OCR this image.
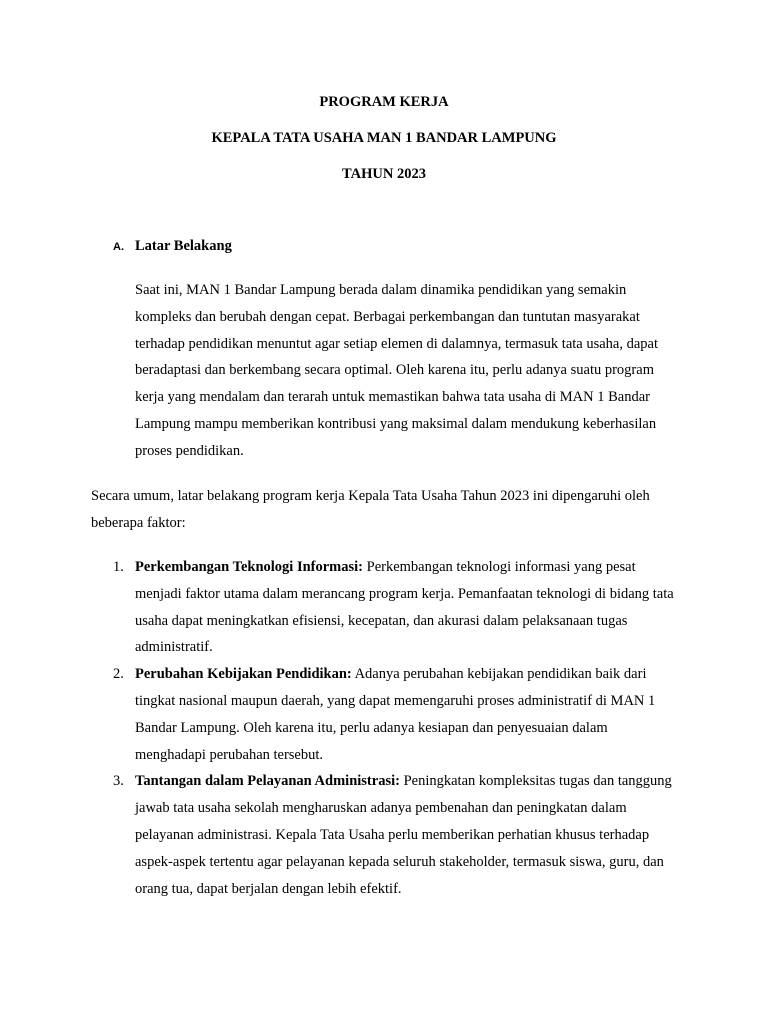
PROGRAM KERJA
KEPALA TATA USAHA MAN 1 BANDAR LAMPUNG
TAHUN 2023
A. Latar Belakang

Saat ini, MAN 1 Bandar Lampung berada dalam dinamika pendidikan yang semakin kompleks dan berubah dengan cepat. Berbagai perkembangan dan tuntutan masyarakat terhadap pendidikan menuntut agar setiap elemen di dalamnya, termasuk tata usaha, dapat beradaptasi dan berkembang secara optimal. Oleh karena itu, perlu adanya suatu program kerja yang mendalam dan terarah untuk memastikan bahwa tata usaha di MAN 1 Bandar Lampung mampu memberikan kontribusi yang maksimal dalam mendukung keberhasilan proses pendidikan.

Secara umum, latar belakang program kerja Kepala Tata Usaha Tahun 2023 ini dipengaruhi oleh beberapa faktor:

1. Perkembangan Teknologi Informasi: Perkembangan teknologi informasi yang pesat menjadi faktor utama dalam merancang program kerja. Pemanfaatan teknologi di bidang tata usaha dapat meningkatkan efisiensi, kecepatan, dan akurasi dalam pelaksanaan tugas administratif.
2. Perubahan Kebijakan Pendidikan: Adanya perubahan kebijakan pendidikan baik dari tingkat nasional maupun daerah, yang dapat memengaruhi proses administratif di MAN 1 Bandar Lampung. Oleh karena itu, perlu adanya kesiapan dan penyesuaian dalam menghadapi perubahan tersebut.
3. Tantangan dalam Pelayanan Administrasi: Peningkatan kompleksitas tugas dan tanggung jawab tata usaha sekolah mengharuskan adanya pembenahan dan peningkatan dalam pelayanan administrasi. Kepala Tata Usaha perlu memberikan perhatian khusus terhadap aspek-aspek tertentu agar pelayanan kepada seluruh stakeholder, termasuk siswa, guru, dan orang tua, dapat berjalan dengan lebih efektif.
